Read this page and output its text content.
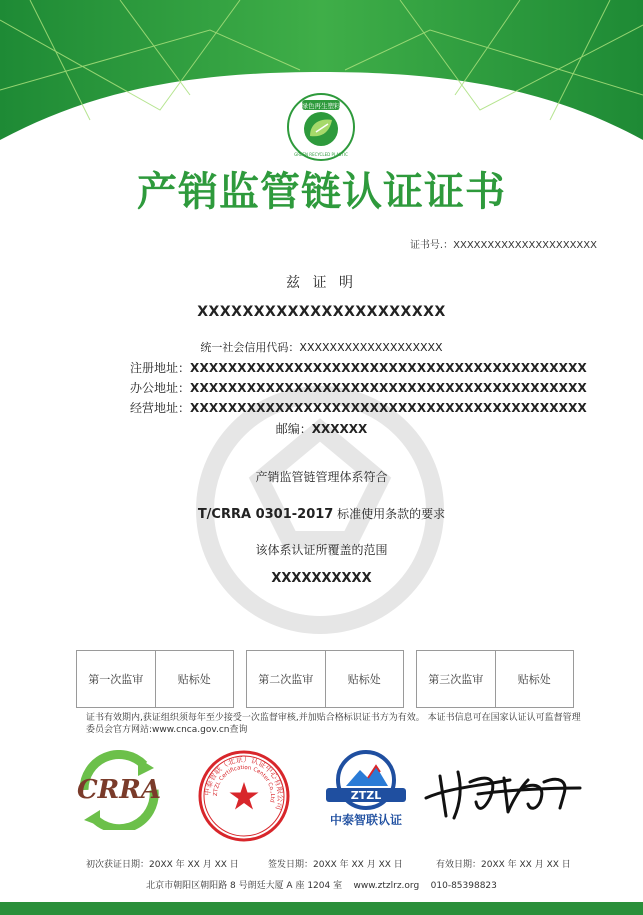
绿色再生塑料
GREEN RECYCLED PLASTIC
产销监管链认证证书
证书号.：XXXXXXXXXXXXXXXXXXXXX
兹 证 明
XXXXXXXXXXXXXXXXXXXXXX
统一社会信用代码：XXXXXXXXXXXXXXXXXXX
注册地址：XXXXXXXXXXXXXXXXXXXXXXXXXXXXXXXXXXXXXXXXXX
办公地址：XXXXXXXXXXXXXXXXXXXXXXXXXXXXXXXXXXXXXXXXXX
经营地址：XXXXXXXXXXXXXXXXXXXXXXXXXXXXXXXXXXXXXXXXXX
邮编：XXXXXX
产销监管链管理体系符合
T/CRRA 0301-2017 标准使用条款的要求
该体系认证所覆盖的范围
XXXXXXXXXX
第一次监审	贴标处	第二次监审	贴标处	第三次监审	贴标处
证书有效期内,获证组织须每年至少接受一次监督审核,并加贴合格标识证书方为有效。 本证书信息可在国家认证认可监督管理委员会官方网站:www.cnca.gov.cn查询
CRRA	中泰智联（北京）认证中心有限公司
ZTZL Certification Center Co.,Ltd	ZTZL
中泰智联认证
初次获证日期：20XX 年 XX 月 XX 日	签发日期：20XX 年 XX 月 XX 日	有效日期：20XX 年 XX 月 XX 日
北京市朝阳区朝阳路 8 号朗廷大厦 A 座 1204 室 www.ztzlrz.org 010-85398823
